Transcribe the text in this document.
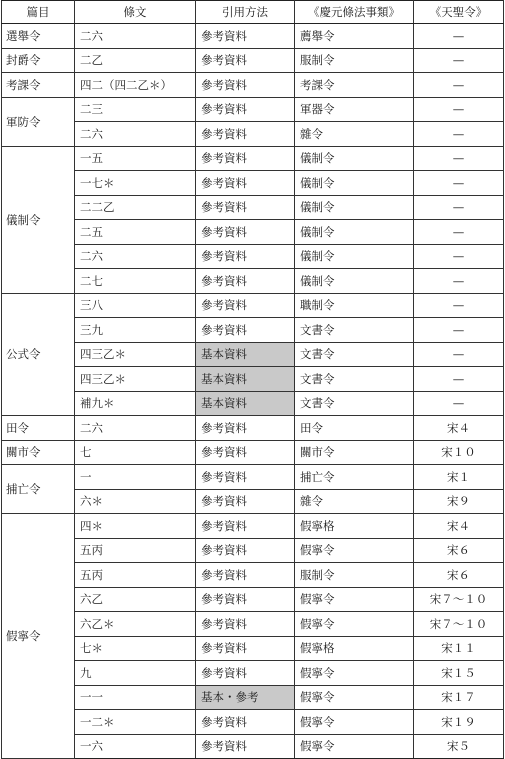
篇目	條文	引用方法	《慶元條法事類》	《天聖令》
選舉令	二六	參考資料	薦舉令	—
封爵令	二乙	參考資料	服制令	—
考課令	四二（四二乙＊）	參考資料	考課令	—
軍防令	二三	參考資料	軍器令	—
	二六	參考資料	雜令	—
儀制令	一五	參考資料	儀制令	—
	一七＊	參考資料	儀制令	—
	二二乙	參考資料	儀制令	—
	二五	參考資料	儀制令	—
	二六	參考資料	儀制令	—
	二七	參考資料	儀制令	—
公式令	三八	參考資料	職制令	—
	三九	參考資料	文書令	—
	四三乙＊	基本資料	文書令	—
	四三乙＊	基本資料	文書令	—
	補九＊	基本資料	文書令	—
田令	二六	參考資料	田令	宋４
關市令	七	參考資料	關市令	宋１０
捕亡令	一	參考資料	捕亡令	宋１
	六＊	參考資料	雜令	宋９
假寧令	四＊	參考資料	假寧格	宋４
	五丙	參考資料	假寧令	宋６
	五丙	參考資料	服制令	宋６
	六乙	參考資料	假寧令	宋７～１０
	六乙＊	參考資料	假寧令	宋７～１０
	七＊	參考資料	假寧格	宋１１
	九	參考資料	假寧令	宋１５
	一一	基本・參考	假寧令	宋１７
	一二＊	參考資料	假寧令	宋１９
	一六	參考資料	假寧令	宋５
